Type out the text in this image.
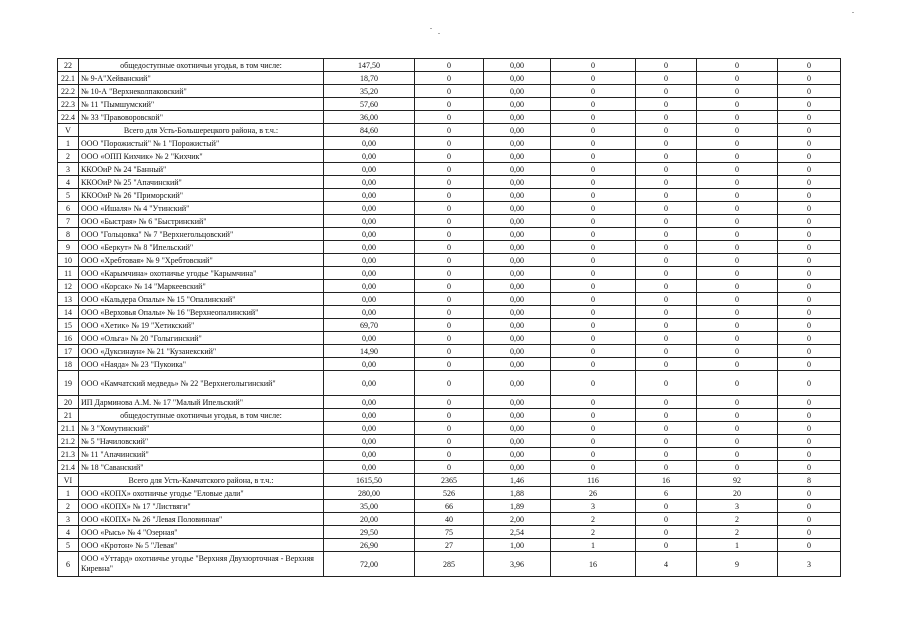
22	общедоступные охотничьи угодья, в том числе:	147,50	0	0,00	0	0	0	0
22.1	№ 9-А"Хейванский"	18,70	0	0,00	0	0	0	0
22.2	№ 10-А "Верхнеколпаковский"	35,20	0	0,00	0	0	0	0
22.3	№ 11 "Пымшумский"	57,60	0	0,00	0	0	0	0
22.4	№ 33 "Правоворовской"	36,00	0	0,00	0	0	0	0
V	Всего для Усть-Большерецкого района, в т.ч.:	84,60	0	0,00	0	0	0	0
1	ООО "Порожистый" № 1 "Порожистый"	0,00	0	0,00	0	0	0	0
2	ООО «ОПП Кихчик» № 2 "Кихчик"	0,00	0	0,00	0	0	0	0
3	ККООиР № 24 "Банный"	0,00	0	0,00	0	0	0	0
4	ККООиР № 25 "Апачинский"	0,00	0	0,00	0	0	0	0
5	ККООиР № 26 "Приморский"	0,00	0	0,00	0	0	0	0
6	ООО «Ишаля» № 4 "Утинский"	0,00	0	0,00	0	0	0	0
7	ООО «Быстрая» № 6 "Быстринский"	0,00	0	0,00	0	0	0	0
8	ООО "Гольцовка" № 7 "Верхнегольцовский"	0,00	0	0,00	0	0	0	0
9	ООО «Беркут» № 8 "Ипельский"	0,00	0	0,00	0	0	0	0
10	ООО «Хребтовая» № 9 "Хребтовский"	0,00	0	0,00	0	0	0	0
11	ООО «Карымчина» охотничье угодье "Карымчина"	0,00	0	0,00	0	0	0	0
12	ООО «Корсак» № 14 "Маркеевский"	0,00	0	0,00	0	0	0	0
13	ООО «Кальдера Опалы» № 15 "Опалинский"	0,00	0	0,00	0	0	0	0
14	ООО «Верховья Опалы» № 16 "Верхнеопалинский"	0,00	0	0,00	0	0	0	0
15	ООО «Хетик» № 19 "Хетикский"	69,70	0	0,00	0	0	0	0
16	ООО «Ольга» № 20 "Голыгинский"	0,00	0	0,00	0	0	0	0
17	ООО «Дуксинаун» № 21 "Кузанекский"	14,90	0	0,00	0	0	0	0
18	ООО «Наяда» № 23 "Пукоика"	0,00	0	0,00	0	0	0	0
19	ООО «Камчатский медведь» № 22 "Верхнеголыгинский"	0,00	0	0,00	0	0	0	0
20	ИП Дарминова А.М. № 17 "Малый Ипельский"	0,00	0	0,00	0	0	0	0
21	общедоступные охотничьи угодья, в том числе:	0,00	0	0,00	0	0	0	0
21.1	№ 3 "Хомутинский"	0,00	0	0,00	0	0	0	0
21.2	№ 5 "Начиловский"	0,00	0	0,00	0	0	0	0
21.3	№ 11 "Апачинский"	0,00	0	0,00	0	0	0	0
21.4	№ 18 "Саванский"	0,00	0	0,00	0	0	0	0
VI	Всего для Усть-Камчатского района, в т.ч.:	1615,50	2365	1,46	116	16	92	8
1	ООО «КОПХ» охотничье угодье "Еловые дали"	280,00	526	1,88	26	6	20	0
2	ООО «КОПХ» № 17 "Листвяги"	35,00	66	1,89	3	0	3	0
3	ООО «КОПХ» № 26 "Левая Половинная"	20,00	40	2,00	2	0	2	0
4	ООО «Рысь» № 4 "Озерная"	29,50	75	2,54	2	0	2	0
5	ООО «Кротон» № 5 "Левая"	26,90	27	1,00	1	0	1	0
6	ООО «Уттард» охотничье угодье "Верхняя Двухюрточная - Верхняя Киревна"	72,00	285	3,96	16	4	9	3
